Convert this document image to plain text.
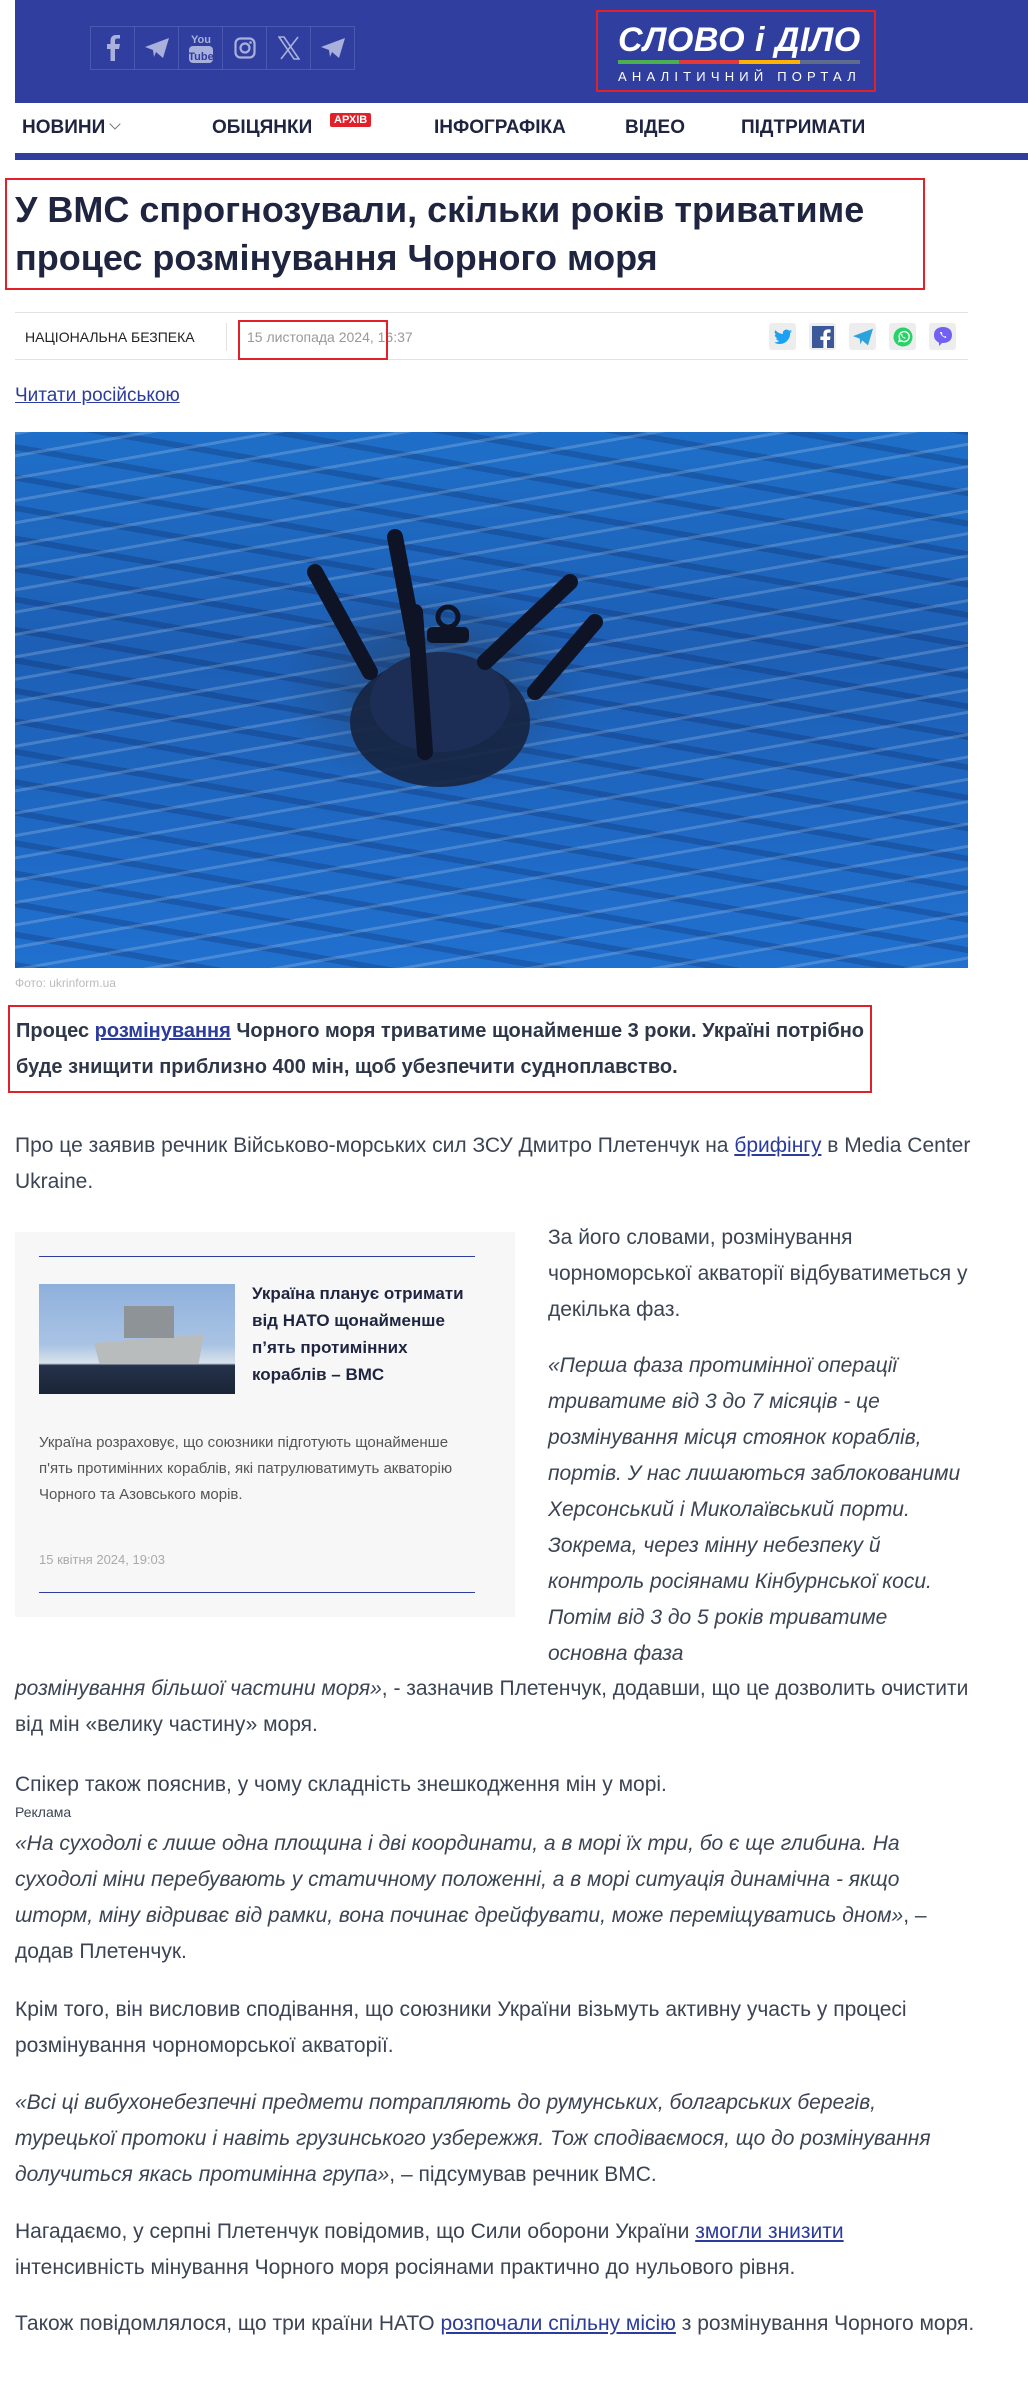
You
Tube	СЛОВО і ДІЛО
АНАЛІТИЧНИЙ ПОРТАЛ
НОВИНИ	ОБІЦЯНКИ	АРХІВ	ІНФОГРАФІКА	ВІДЕО	ПІДТРИМАТИ
У ВМС спрогнозували, скільки років триватиме процес розмінування Чорного моря
НАЦІОНАЛЬНА БЕЗПЕКА	15 листопада 2024, 16:37
Читати російською
Фото: ukrinform.ua

Процес розмінування Чорного моря триватиме щонайменше 3 роки. Україні потрібно буде знищити приблизно 400 мін, щоб убезпечити судноплавство.

Про це заявив речник Військово-морських сил ЗСУ Дмитро Плетенчук на брифінгу в Media Center Ukraine.

Україна планує отримати від НАТО щонайменше п’ять протимінних кораблів – ВМС
Україна розраховує, що союзники підготують щонайменше п'ять протимінних кораблів, які патрулюватимуть акваторію Чорного та Азовського морів.
15 квітня 2024, 19:03

За його словами, розмінування чорноморської акваторії відбуватиметься у декілька фаз.

«Перша фаза протимінної операції триватиме від 3 до 7 місяців - це розмінування місця стоянок кораблів, портів. У нас лишаються заблокованими Херсонський і Миколаївський порти. Зокрема, через мінну небезпеку й контроль росіянами Кінбурнської коси. Потім від 3 до 5 років триватиме основна фаза

розмінування більшої частини моря», - зазначив Плетенчук, додавши, що це дозволить очистити від мін «велику частину» моря.

Спікер також пояснив, у чому складність знешкодження мін у морі.

Реклама

«На суходолі є лише одна площина і дві координати, а в морі їх три, бо є ще глибина. На суходолі міни перебувають у статичному положенні, а в морі ситуація динамічна - якщо шторм, міну відриває від рамки, вона починає дрейфувати, може переміщуватись дном», – додав Плетенчук.

Крім того, він висловив сподівання, що союзники України візьмуть активну участь у процесі розмінування чорноморської акваторії.

«Всі ці вибухонебезпечні предмети потрапляють до румунських, болгарських берегів, турецької протоки і навіть грузинського узбережжя. Тож сподіваємося, що до розмінування долучиться якась протимінна група», – підсумував речник ВМС.

Нагадаємо, у серпні Плетенчук повідомив, що Сили оборони України змогли знизити інтенсивність мінування Чорного моря росіянами практично до нульового рівня.

Також повідомлялося, що три країни НАТО розпочали спільну місію з розмінування Чорного моря.
